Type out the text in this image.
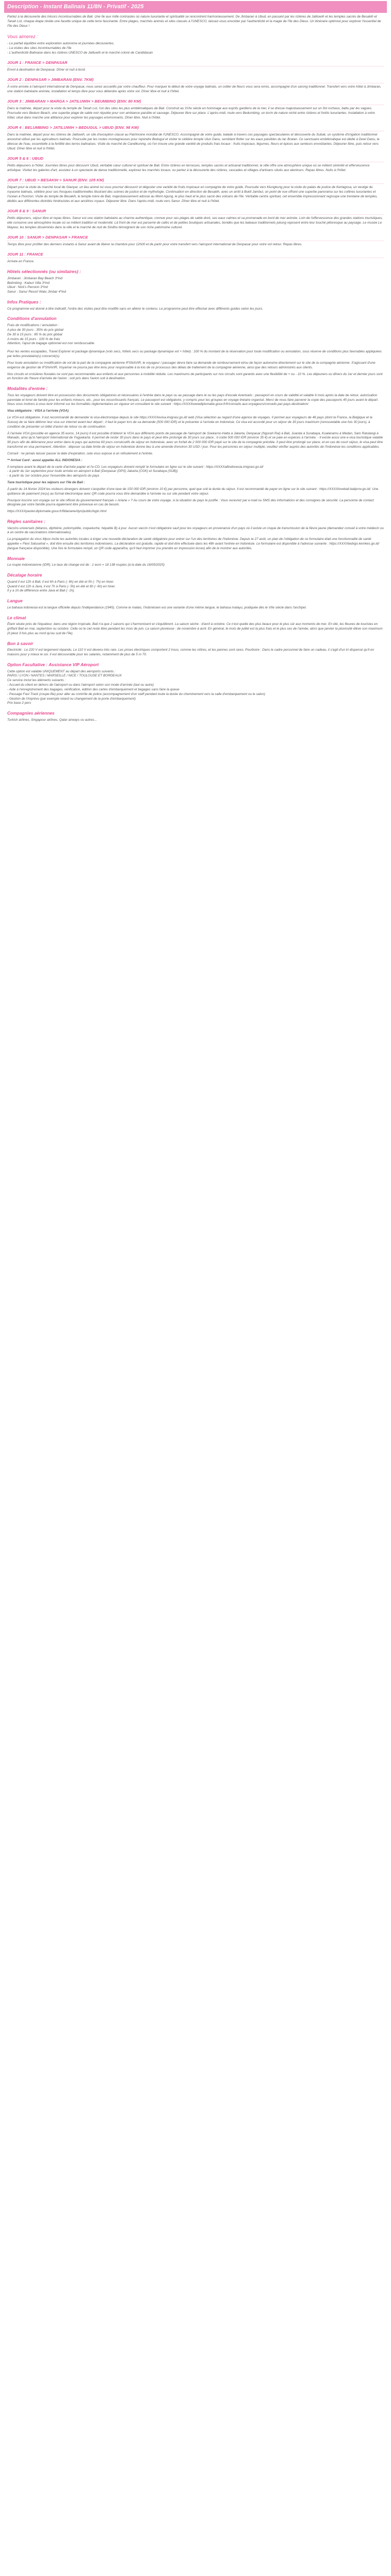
Description - Instant Balinais 11/8N - Privatif - 2025

Partez à la découverte des trésors incontournables de Bali. Une île aux mille contrastes où nature luxuriante et spiritualité se rencontrent harmonieusement. De Jimbaran à Ubud, en passant par les rizières de Jatiluwih et les temples sacrés de Besakih et Tanah Lot, chaque étape révèle une facette unique de cette terre fascinante. Entre plages, marchés animés et sites classés à l'UNESCO, laissez-vous envoûter par l'authenticité et la magie de l'île des Dieux. Un itinéraire optimisé pour explorer l'essentiel de l'île des Dieux !

Vous aimerez :
- Le parfait équilibre entre exploration autonome et journées découvertes.
- La visites des sites incontournables de l'île
- L'authenticité Balinaise dans les rizières UNESCO de Jatiluwih et le marché coloré de Candidasan
JOUR 1 : FRANCE > DENPASAR

Envol à destination de Denpasar. Dîner et nuit à bord.

JOUR 2 : DENPASAR > JIMBARAN (ENV. 7KM)

À votre arrivée à l'aéroport international de Denpasar, nous serez accueillis par votre chauffeur. Pour marquer le début de votre voyage balinais, un collier de fleurs vous sera remis, accompagné d'un sarong traditionnel. Transfert vers votre hôtel à Jimbaran, une station balnéaire animée, installation et temps libre pour vous détendre après votre vol. Dîner libre et nuit à l'hôtel.

JOUR 3 : JIMBARAN > MARGA > JATILUWIH > BEUMBING (ENV. 80 KM)

Dans la matinée, départ pour la visite du temple de Tanah Lot, l'un des sites les plus emblématiques de Bali. Construit au XVIe siècle en hommage aux esprits gardiens de la mer, il se dresse majestueusement sur un îlot rocheux, battu par les vagues. Poursuite vers Bedum Beach, une superbe plage de sable noir réputée pour son ambiance paisible et sauvage. Déjeuner libre sur place. L'après-midi, route vers Bedumbing, un écrin de nature niché entre rizières et forêts luxuriantes. Installation à votre hôtel, situé dans marche une altitance pour explorer les paysages environnants. Dîner libre. Nuit à l'hôtel.

JOUR 4 : BELUMBING > JATILUWIH > BEDUGUL > UBUD (ENV. 98 KM)

Dans la matinée, départ pour les rizières de Jatiluwih, un site d'exception classé au Patrimoine mondial de l'UNESCO. Accompagné de votre guide, balade à travers ces paysages spectaculaires et découverte du Subak, un système d'irrigation traditionnel ancestral utilisé par les agriculteurs balinais. Poursuite par les routes montagneuses pour rejoindre Bedugul et visiter le célèbre temple Ulun Danu, semblant flotter sur les eaux paisibles du lac Bratan. Ce sanctuaire emblématique est dédié à Dewi Danu, la déesse de l'eau, essentielle à la fertilité des terres balinaises. Visite du marché de Candikuning, où l'on trouve une grande variété de produits frais locaux : fruits tropicaux, légumes, fleurs et épices aux senteurs envoûtantes. Déjeuner libre, puis retour vers Ubud. Dîner libre et nuit à l'hôtel.

JOUR 5 & 6 : UBUD

Petits déjeuners à l'hôtel. Journées libres pour découvrir Ubud, véritable cœur culturel et spirituel de Bali. Entre rizières en terrasses, temples sacrés et artisanat traditionnel, la ville offre une atmosphère unique où se mêlent sérénité et effervescence artistique. Visitez les galeries d'art, assistez à un spectacle de danse traditionnelle, explorez les marchés locaux, ou partez à la découverte des rizières, cascades et villages d'artisans situés aux alentours. Repas libres. Nuits à l'hôtel.

JOUR 7 : UBUD > BESAKIH > SANUR (ENV. 105 KM)

Départ pour la visite du marché local de Gianyar, un lieu animé où vous pourrez découvrir et déguster une variété de fruits tropicaux en compagnie de votre guide. Poursuite vers Klungkung pour la visite du palais de justice de Kertagosa, un vestige du royaume balinais, célèbre pour ses fresques traditionnelles illustrant des scènes de justice et de mythologie. Continuation en direction de Besakih, avec un arrêt à Bukit Jambul, un point de vue offrant une superbe panorama sur les collines luxuriantes et l'océan à l'horizon. Visite du temple de Besakih, le temple mère de Bali, majestueusement adossé au Mont Agung, le plus haut et le plus sacré des volcans de l'île. Véritable centre spirituel, cet ensemble impressionnant regroupe une trentaine de temples, dédiés aux différentes divinités hindouistes et aux ancêtres royaux. Déjeuner libre. Dans l'après-midi, route vers Sanur. Dîner libre et nuit à l'hôtel.

JOUR 8 & 9 : SANUR

Petits déjeuners, séjour libre et repas libres. Sanur est une station balnéaire au charme authentique, connue pour ses plages de sable doré, ses eaux calmes et sa promenade en bord de mer animée. Loin de l'effervescence des grandes stations touristiques, elle conserve une atmosphère locale où se mêlent tradition et modernité. Lâ front de mer est parsemé de cafés et de petites boutiques artisanales, bondés que les bateaux traditionnels jukung reposent entre leur touché pittoresque au paysage. Le musée Le Mayeur, les temples disséminés dans la ville et le marché de nuit de Sindhu témoignent de son riche patrimoine culturel.

JOUR 10 : SANUR > DENPASAR > FRANCE

Temps libre pour profiter des derniers instants à Sanur avant de libérer la chambre pour 12h00 et de partir pour votre transfert vers l'aéroport international de Denpasar pour votre vol retour. Repas libres.

JOUR 11 : FRANCE

Arrivée en France.

Hôtels sélectionnés (ou similaires) :
Jimbaran : Jimbaran Bay Beach 3*ind
Belimbing : Kabun Villa 3*ind
Ubud : Nick's Pension 3*ind
Sanur : Sanur Resort Watu Jimbar 4*ind
Infos Pratiques :

Ce programme est donné à titre indicatif, l'ordre des visites peut être modifié sans en altérer le contenu. Le programme peut être effectué avec différents guides selon les jours.

Conditions d'annulation

Frais de modifications / annulation :

A plus de 30 jours : 35% du prix global

De 30 à 15 jours : 85 % du prix global

A moins de 15 jours : 100 % de frais

Attention, l'ajout de bagage optionnel est non remboursable.

Pour les ventes escapades, Travel Explorer et package dynamique (vols secs, hôtels secs ou package dynamique vol + hôtel) : 100 % du montant de la réservation pour toute modification ou annulation, sous réserve de conditions plus favorables appliquées par le/les prestataire(s) concerné(s).

Pour toute annulation ou modification de vol de la part de la compagnie aérienne IFSNAVIR, le voyageur / passager devra faire sa demande de remboursement et/ou de façon autonome directement sur le site de la compagnie aérienne. S'agissant d'une exigence de gestion de IFSNAVIR, Voyamar ne pourra pas être tenu pour responsable à la lois de ce processus des délais de traitement de la compagnie aérienne, ainsi que des retours administrés aux clients.

Nos circuits et croisières fluviales ne sont pas recommandés aux enfants et aux personnes à mobilité réduite. Les maximums de participants sur nos circuits sont garantis avec une flexibilité de + ou - 10 %. Les déjeuners ou dîners du 1er et dernier jours sont en fonction de l'heure d'arrivée de l'avion : soit pris dans l'avion soit à destination.

Modalités d'entrée :

Tous les voyageurs doivent être en possession des documents obligatoires et nécessaires à l'entrée dans le pays ou au passage dans le ou les pays d'escale éventuels : passeport en cours de validité et valable 6 mois après la date de retour, autorisation parentale et livret de famille pour les enfants mineurs, etc., pour les ressortissants français. Le passeport est obligatoire, y compris pour les groupes en voyage linéaire organisé. Merci de nous faire parvenir la copie des passeports 45 jours avant le départ. Nous vous invitons à vous tenir informé sur les formalités réglementaires en vigueur en consultant le site suivant : https://XXXXwwwdiplomatie.gouv.fr/fr/conseils-aux-voyageurs/conseils-par-pays-destination/

Visa obligatoire : VISA à l'arrivée (VOA)

Le VOA est obligatoire. Il est recommandé de demander le visa électronique depuis le site https://XXXXevisa.imigrasi.go.id/ web (Visa sélection au regard d'une agence de voyages. Il permet aux voyageurs de 46 pays (dont la France, la Belgique et la Suisse) de se faire délivrer leur visa sur internet avant leur départ ; il faut le payer lors de sa demande (500 000 IDR) et le présenter à l'arrivée en Indonésie. Ce visa est accordé pour un séjour de 30 jours maximum (renouvelable une fois 30 jours), à condition de présenter un billet d'avion de retour ou de continuation.

À l'arrivée VOA (possible en agence 35 euros, 14 jours) Il est possible d'obtenir le VOA aux différents points de passage de l'aéroport de Soekarno-Hatta à Jakarta, Denpasar (Ngurah Rai) à Bali, Juanda à Surabaya, Kualanamu à Medan, Sam Ratulangi à Manado, ainsi qu'à l'aéroport international de Yogyakarta. Il permet de rester 30 jours dans le pays et peut être prolongé de 30 jours sur place ; il coûte 500 000 IDR (environ 35 €) et se paie en espèces à l'arrivée. - Il existe aussi une e-visa touristique valable 90 jours afin de délivrance pour entrer dans le pays qui autorise 60 jours consécutifs de séjour en Indonésie, avec un forfait de 2 000 000 IDR payé sur le site de la compagnie précitée. Il peut être prolongé sur place, et en cas de court séjour, le visa peut être transformé en visa permanent. Attention : déposer sa date limite de séjour en Indonésie donne lieu à une amende d'environ 30 USD / jour. Pour les personnes en séjour multiple, veuillez vérifier auprès des autorités de l'Indonésie les conditions applicables.

Conseil : ne jamais laisser passer la date d'expiration, cela vous expose à un refoulement à l'entrée.

** Arrival Card : aussi appelée ALL INDONESIA :

Il remplace avant le départ de la carte d'arrivée papier et l'e-CD. Les voyageurs doivent remplir le formulaire en ligne sur le site suivant : https://XXXXallindonesia.imigrasi.go.id/

- à partir du 1er septembre pour toute arrivée en aéroport à Bali (Denpasar (DPS) Jakarta (CGK) et Surabaya (SUB))

- à partir du 1er octobre pour l'ensemble des aéroports du pays

Taxe touristique pour les séjours sur l'île de Bali :

À partir du 14 février 2024 les visiteurs étrangers doivent s'acquitter d'une taxe de 150 000 IDR (environ 10 €) par personne, quel que soit la durée du séjour. Il est recommandé de payer en ligne sur le site suivant : https://XXXXlovebali.baliprov.go.id/. Une quittance de paiement (reçu) au format électronique avec QR code pourra vous être demandée à l'arrivée ou sur site pendant votre séjour.

Pourquoi inscrire son voyage sur le site officiel du gouvernement français « Ariane » ? Au cours de votre voyage, si la situation du pays le justifie : Vous recevrez par e-mail ou SMS des informations et des consignes de sécurité. La personne de contact désignée par votre famille pourra également être prévenue en cas de besoin.

https://XXXXpastel.diplomatie.gouv.fr/fildariane/dyn/public/login.html

Règles sanitaires :

Vaccins universels (tétanos, diphtérie, poliomyélite, coqueluche, hépatite B) à jour. Aucun vaccin n'est obligatoire sauf pour les voyageurs en provenance d'un pays où il existe un risque de transmission de la fièvre jaune (demandez conseil à votre médecin ou à un centre de vaccinations internationales).

La propagation du virus Mpox incite les autorités locales à ériger une nouvelle déclaration de santé obligatoire pour entrer sur l'un des territoires de l'Indonésie. Depuis le 27 août, un plan de l'obligation de ce formulaire était une fonctionnalité de santé appelée « Flexi Satusehat », doit être ensuite des territoires indonésiens. La déclaration est gratuite, rapide et doit être effectuée dans les 48h avant l'entrée en Indonésie. Le formulaire est disponible à l'adresse suivante : https://XXXXtedxgo.kemkes.go.id/ (langue française disponible). Une fois le formulaire rempli, un QR code apparaîtra, qu'il faut imprimer (ou prendre en impression écran) afin de le montrer aux autorités.

Monnaie

La roupie indonésienne (IDR). Le taux de change est de : 1 euro = 18 138 roupies (à la date du 16/05/2025)

Décalage horaire

Quand il est 12h à Bali, il est 6h à Paris (- 6h) en été et 5h (- 7h) en hiver.

Quand il est 12h à Java, il est 7h à Paris (- 5h) en été et 6h (- 6h) en hiver.

Il y a 1h de différence entre Java et Bali (- 1h).

Langue

Le bahasa indonesia est la langue officielle depuis l'indépendance (1945). Comme le malais, l'indonésien est une variante d'une même langue, le bahasa malayu, pratiquée dès le VIIe siècle dans l'archipel.

Le climat

Étant située près de l'équateur, dans une région tropicale, Bali n'a que 2 saisons qui s'harmonisent et s'équilibrent. La saison sèche : d'avril à octobre. Ce n'est quelle des plus beaux pour le plus sûr aux moments de mer. En été, les fleuves de touristes en griffant Bali en mai, septembre ou octobre. Celle où le ciel reste libre pendant les mois de juin. La saison pluvieuse : de novembre à avril. En général, le mois de juillet est la plus frais et le plus ses de l'année, alors que janvier la pluviosité élève son maximum (Il pleut 3 fois plus au nord qu'au sud de l'île).

Bon à savoir

Electricité : Le 220 V est largement répandu. Le 110 V est devenu très rare. Les prises électriques comportent 2 trous, comme les nôtres, et les pannes sont rares. Pourboire : Dans le cadre personnel de faire un cadeau, il s'agit d'un tri dispensé qu'il en maisons pour y mieux le soi. Il est découvrable pour les salariés, notamment de plus de 5 m 70.

Option Facultative : Assistance VIP Aéroport

Cette option est valable UNIQUEMENT au départ des aéroports suivants :

PARIS / LYON / NANTES / MARSEILLE / NICE / TOULOUSE ET BORDEAUX

Ce service inclut les éléments suivants :

- Accueil du client en dehors de l'aéroport ou dans l'aéroport selon son mode d'arrivée (taxi ou autre)

- Aide à l'enregistrement des bagages, vérification, édition des cartes d'embarquement et bagages sans faire la queue

- Passage Fast Track (coupe-file) pour aller au contrôle de police (accompagnement d'un staff pendant toute la durée du cheminement vers la salle d'embarquement ou le salon)

- Gestion de l'imprévu (par exemple retard ou changement de la porte d'embarquement)

Prix base 2 pers

Compagnies aériennes

Turkish airlines, Singapour airlines, Qatar airways ou autres...
